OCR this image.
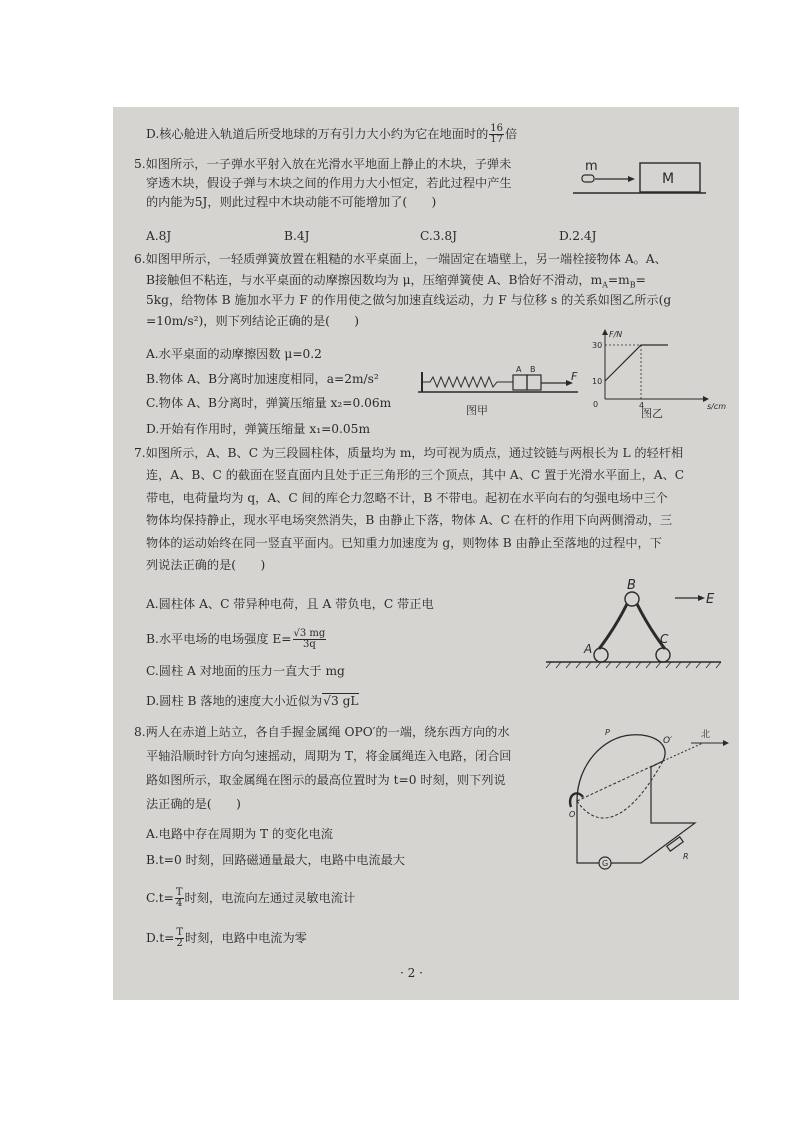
D.核心舱进入轨道后所受地球的万有引力大小约为它在地面时的 $\frac{16}{17}$ 倍
5.如图所示，一子弹水平射入放在光滑水平地面上静止的木块，子弹未
穿透木块，假设子弹与木块之间的作用力大小恒定，若此过程中产生
的内能为5J，则此过程中木块动能不可能增加了(　　)
A.8J	B.4J	C.3.8J	D.2.4J
m
M
6.如图甲所示，一轻质弹簧放置在粗糙的水平桌面上，一端固定在墙壁上，另一端栓接物体 A。A、
B接触但不粘连，与水平桌面的动摩擦因数均为 μ，压缩弹簧使 A、B恰好不滑动，$m_A=m_B=$
5kg，给物体 B 施加水平力 F 的作用使之做匀加速直线运动，力 F 与位移 s 的关系如图乙所示(g
=10m/s²)，则下列结论正确的是(　　)
A.水平桌面的动摩擦因数 μ=0.2
B.物体 A、B分离时加速度相同，a=2m/s²
C.物体 A、B分离时，弹簧压缩量 x₂=0.06m
D.开始有作用时，弹簧压缩量 x₁=0.05m
A B
F
图甲
F/N
s/cm
0
10
30
4
图乙
7.如图所示，A、B、C 为三段圆柱体，质量均为 m，均可视为质点，通过铰链与两根长为 L 的轻杆相
连，A、B、C 的截面在竖直面内且处于正三角形的三个顶点，其中 A、C 置于光滑水平面上，A、C
带电，电荷量均为 q，A、C 间的库仑力忽略不计，B 不带电。起初在水平向右的匀强电场中三个
物体均保持静止，现水平电场突然消失，B 由静止下落，物体 A、C 在杆的作用下向两侧滑动，三
物体的运动始终在同一竖直平面内。已知重力加速度为 g，则物体 B 由静止至落地的过程中，下
列说法正确的是(　　)
A.圆柱体 A、C 带异种电荷，且 A 带负电，C 带正电
B.水平电场的电场强度 $E= \frac{√3 mg}{3q}$
C.圆柱 A 对地面的压力一直大于 mg
D.圆柱 B 落地的速度大小近似为√3 gL
B
A
C
E
8.两人在赤道上站立，各自手握金属绳 OPO′的一端，绕东西方向的水
平轴沿顺时针方向匀速摇动，周期为 T，将金属绳连入电路，闭合回
路如图所示，取金属绳在图示的最高位置时为 t=0 时刻，则下列说
法正确的是(　　)
A.电路中存在周期为 T 的变化电流
B.t=0 时刻，回路磁通量最大，电路中电流最大
$C.t= \frac{T}{4}$ 时刻，电流向左通过灵敏电流计
$D.t= \frac{T}{2}$ 时刻，电路中电流为零
O
P
O′
北
G
R
· 2 ·
